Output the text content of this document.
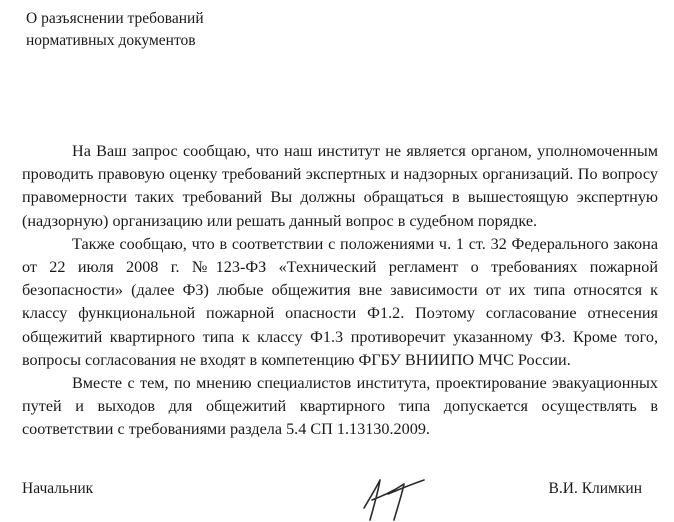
О разъяснении требований
нормативных документов

На Ваш запрос сообщаю, что наш институт не является органом, уполномоченным проводить правовую оценку требований экспертных и надзорных организаций. По вопросу правомерности таких требований Вы должны обращаться в вышестоящую экспертную (надзорную) организацию или решать данный вопрос в судебном порядке.

Также сообщаю, что в соответствии с положениями ч. 1 ст. 32 Федерального закона от 22 июля 2008 г. №123-ФЗ «Технический регламент о требованиях пожарной безопасности» (далее ФЗ) любые общежития вне зависимости от их типа относятся к классу функциональной пожарной опасности Ф1.2. Поэтому согласование отнесения общежитий квартирного типа к классу Ф1.3 противоречит указанному ФЗ. Кроме того, вопросы согласования не входят в компетенцию ФГБУ ВНИИПО МЧС России.

Вместе с тем, по мнению специалистов института, проектирование эвакуационных путей и выходов для общежитий квартирного типа допускается осуществлять в соответствии с требованиями раздела 5.4 СП 1.13130.2009.

Начальник	В.И. Климкин
